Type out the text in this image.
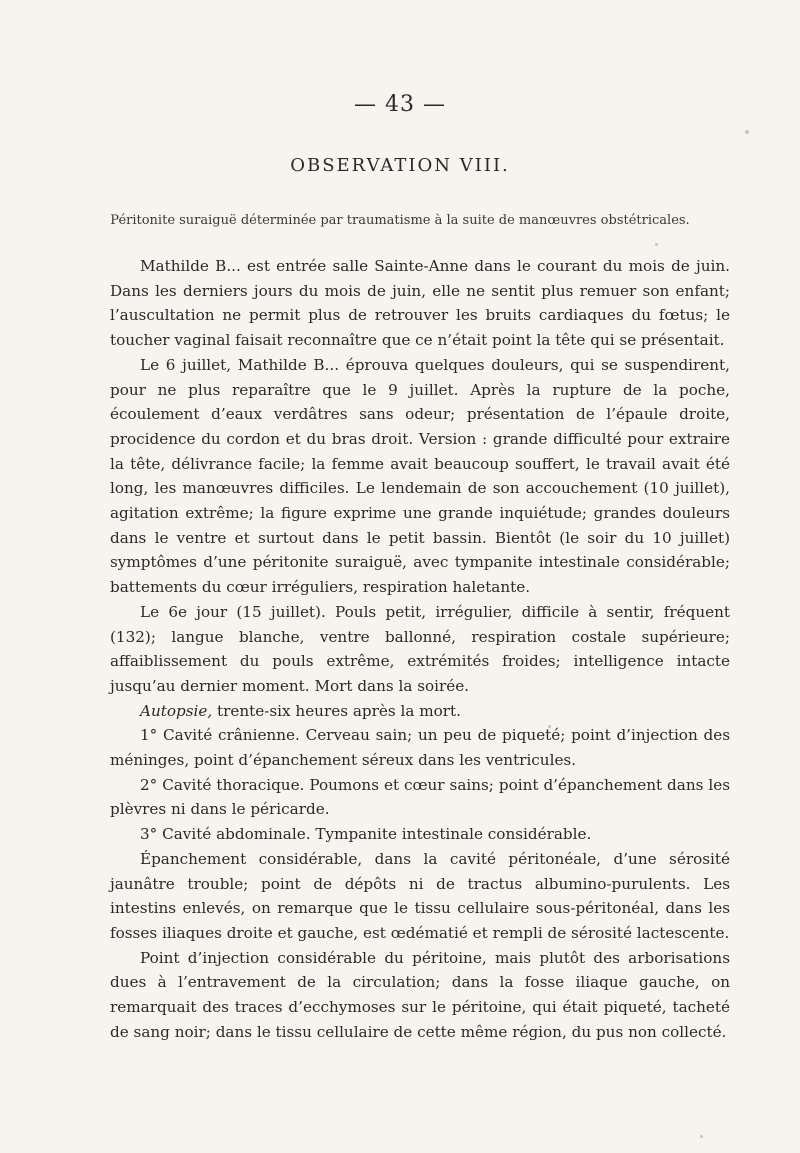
— 43 —
OBSERVATION VIII.
Péritonite suraiguë déterminée par traumatisme à la suite de manœuvres obstétricales.

Mathilde B... est entrée salle Sainte-Anne dans le courant du mois de juin. Dans les derniers jours du mois de juin, elle ne sentit plus remuer son enfant; l’auscultation ne permit plus de retrouver les bruits cardiaques du fœtus; le toucher vaginal faisait reconnaître que ce n’était point la tête qui se présentait.

Le 6 juillet, Mathilde B... éprouva quelques douleurs, qui se suspendirent, pour ne plus reparaître que le 9 juillet. Après la rupture de la poche, écoulement d’eaux verdâtres sans odeur; présentation de l’épaule droite, procidence du cordon et du bras droit. Version : grande difficulté pour extraire la tête, délivrance facile; la femme avait beaucoup souffert, le travail avait été long, les manœuvres difficiles. Le lendemain de son accouchement (10 juillet), agitation extrême; la figure exprime une grande inquiétude; grandes douleurs dans le ventre et surtout dans le petit bassin. Bientôt (le soir du 10 juillet) symptômes d’une péritonite suraiguë, avec tympanite intestinale considérable; battements du cœur irréguliers, respiration haletante.

Le 6e jour (15 juillet). Pouls petit, irrégulier, difficile à sentir, fréquent (132); langue blanche, ventre ballonné, respiration costale supérieure; affaiblissement du pouls extrême, extrémités froides; intelligence intacte jusqu’au dernier moment. Mort dans la soirée.

Autopsie, trente-six heures après la mort.

1° Cavité crânienne. Cerveau sain; un peu de piqueté; point d’injection des méninges, point d’épanchement séreux dans les ventricules.

2° Cavité thoracique. Poumons et cœur sains; point d’épanchement dans les plèvres ni dans le péricarde.

3° Cavité abdominale. Tympanite intestinale considérable.

Épanchement considérable, dans la cavité péritonéale, d’une sérosité jaunâtre trouble; point de dépôts ni de tractus albumino-purulents. Les intestins enlevés, on remarque que le tissu cellulaire sous-péritonéal, dans les fosses iliaques droite et gauche, est œdématié et rempli de sérosité lactescente.

Point d’injection considérable du péritoine, mais plutôt des arborisations dues à l’entravement de la circulation; dans la fosse iliaque gauche, on remarquait des traces d’ecchymoses sur le péritoine, qui était piqueté, tacheté de sang noir; dans le tissu cellulaire de cette même région, du pus non collecté.
